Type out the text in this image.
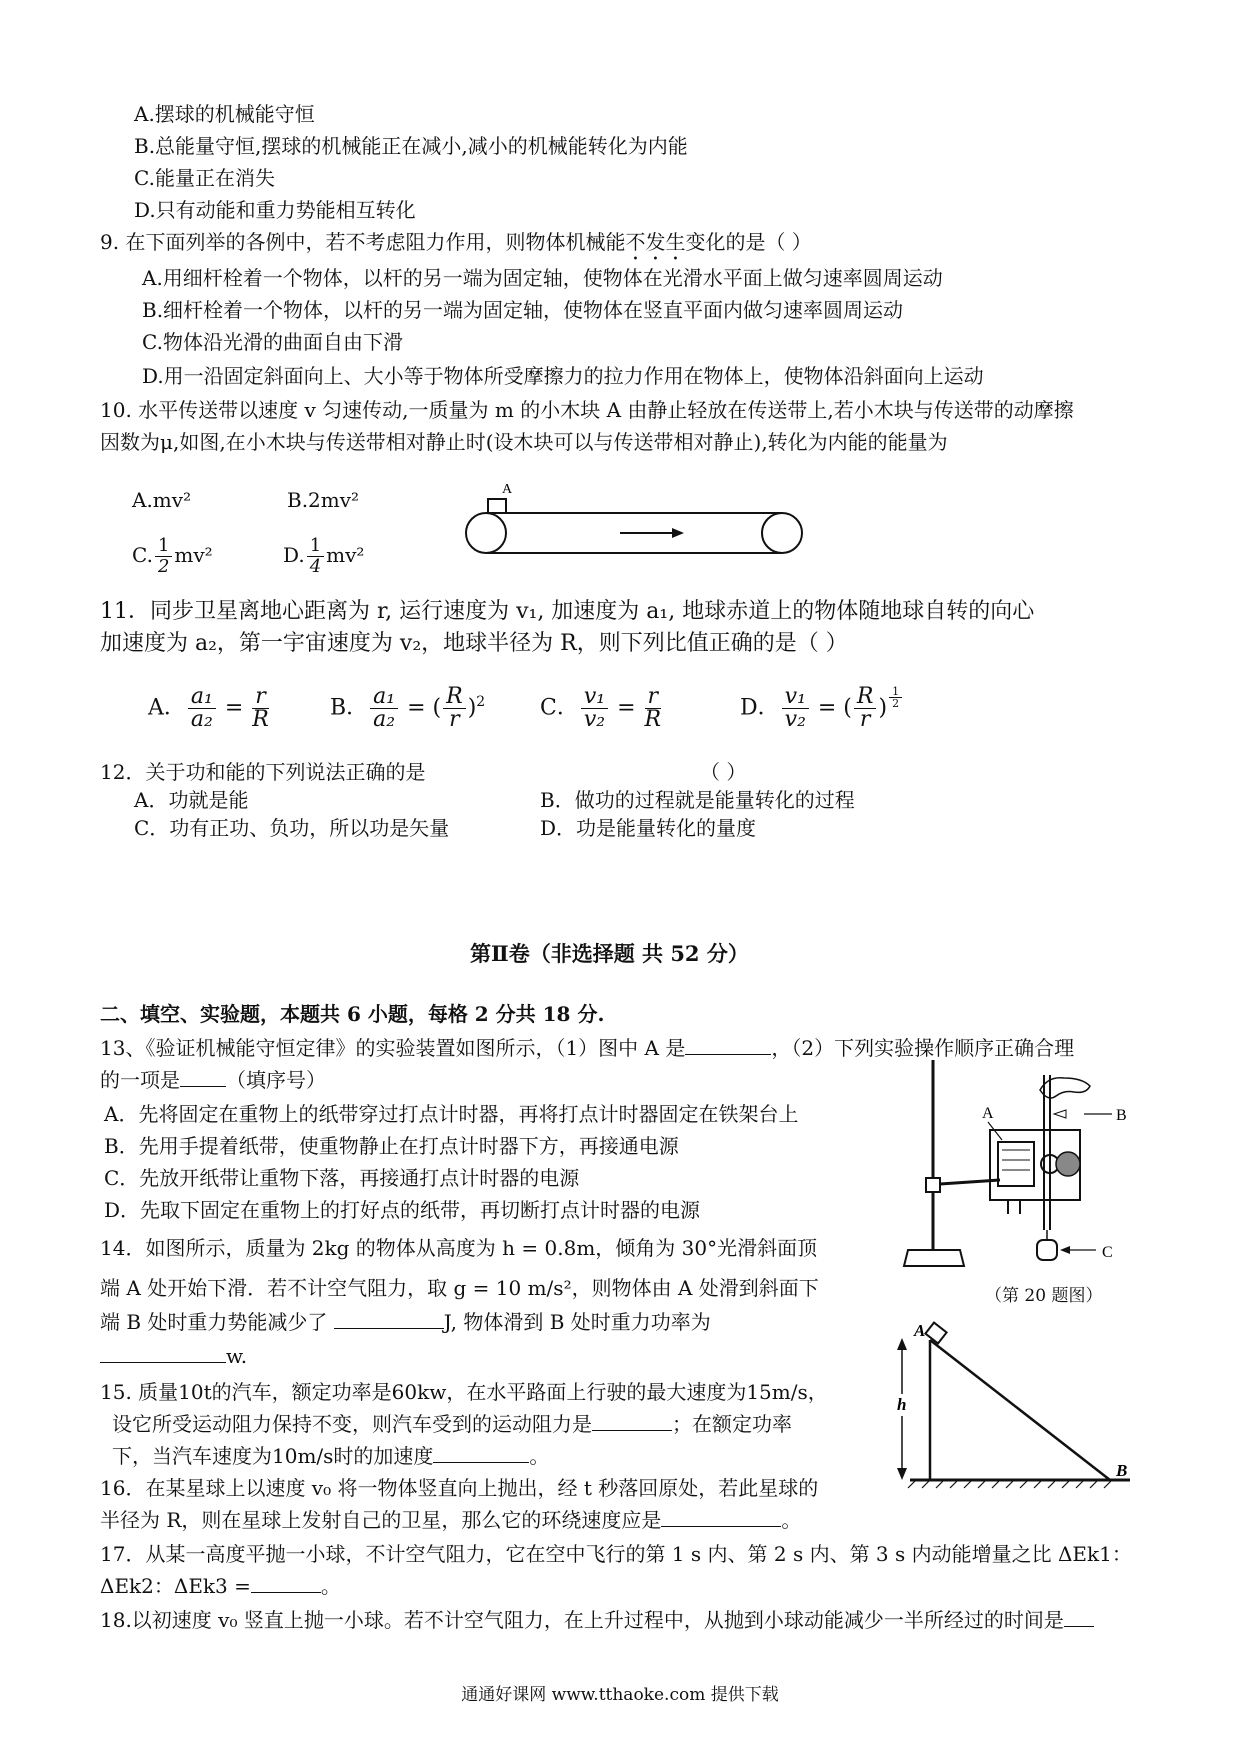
A.摆球的机械能守恒
B.总能量守恒,摆球的机械能正在减小,减小的机械能转化为内能
C.能量正在消失
D.只有动能和重力势能相互转化
9. 在下面列举的各例中，若不考虑阻力作用，则物体机械能不发生变化的是（ ）
A.用细杆栓着一个物体，以杆的另一端为固定轴，使物体在光滑水平面上做匀速率圆周运动
B.细杆栓着一个物体，以杆的另一端为固定轴，使物体在竖直平面内做匀速率圆周运动
C.物体沿光滑的曲面自由下滑
D.用一沿固定斜面向上、大小等于物体所受摩擦力的拉力作用在物体上，使物体沿斜面向上运动
10. 水平传送带以速度 v 匀速传动,一质量为 m 的小木块 A 由静止轻放在传送带上,若小木块与传送带的动摩擦
因数为μ,如图,在小木块与传送带相对静止时(设木块可以与传送带相对静止),转化为内能的能量为
A.mv²	B.2mv²
C. $\frac{1}{2} mv^2$	D. $\frac{1}{4} mv^2$
A
11．同步卫星离地心距离为 r, 运行速度为 v₁, 加速度为 a₁, 地球赤道上的物体随地球自转的向心
加速度为 a₂，第一宇宙速度为 v₂，地球半径为 R，则下列比值正确的是（ ）
A． $\frac{\text{a₁}}{\text{a₂}} = \frac{r}{R}$	B． $\frac{\text{a₁}}{\text{a₂}}$ = ( $\frac{R}{r} )^2$ C． $\frac{\text{v₁}}{\text{v₂}} = \frac{r}{R}$	D． $\frac{\text{v₁}}{\text{v₂}}$ = ( $\frac{R}{r}$ ) $\frac{1}{2}$
12．关于功和能的下列说法正确的是	（ ）
A．功就是能	B．做功的过程就是能量转化的过程
C．功有正功、负功，所以功是矢量	D．功是能量转化的量度
第Ⅱ卷（非选择题 共 52 分）
二、填空、实验题，本题共 6 小题，每格 2 分共 18 分.
13、《验证机械能守恒定律》的实验装置如图所示，（1）图中 A 是	，（2）下列实验操作顺序正确合理
的一项是 （填序号）
A．先将固定在重物上的纸带穿过打点计时器，再将打点计时器固定在铁架台上
B．先用手提着纸带，使重物静止在打点计时器下方，再接通电源
C．先放开纸带让重物下落，再接通打点计时器的电源
D．先取下固定在重物上的打好点的纸带，再切断打点计时器的电源
A	B
C
（第 20 题图）
14．如图所示，质量为 2kg 的物体从高度为 h = 0.8m，倾角为 30°光滑斜面顶
端 A 处开始下滑．若不计空气阻力，取 g = 10 m/s²，则物体由 A 处滑到斜面下
端 B 处时重力势能减少了	J, 物体滑到 B 处时重力功率为
w.
A
h
B
15. 质量10t的汽车，额定功率是60kw，在水平路面上行驶的最大速度为15m/s，
设它所受运动阻力保持不变，则汽车受到的运动阻力是	；在额定功率
下，当汽车速度为10m/s时的加速度	。
16．在某星球上以速度 v₀ 将一物体竖直向上抛出，经 t 秒落回原处，若此星球的
半径为 R，则在星球上发射自己的卫星，那么它的环绕速度应是	。
17．从某一高度平抛一小球，不计空气阻力，它在空中飞行的第 1 s 内、第 2 s 内、第 3 s 内动能增量之比 ΔEk1：
ΔEk2：ΔEk3 =	。
18.以初速度 v₀ 竖直上抛一小球。若不计空气阻力，在上升过程中，从抛到小球动能减少一半所经过的时间是
通通好课网 www.tthaoke.com 提供下载
